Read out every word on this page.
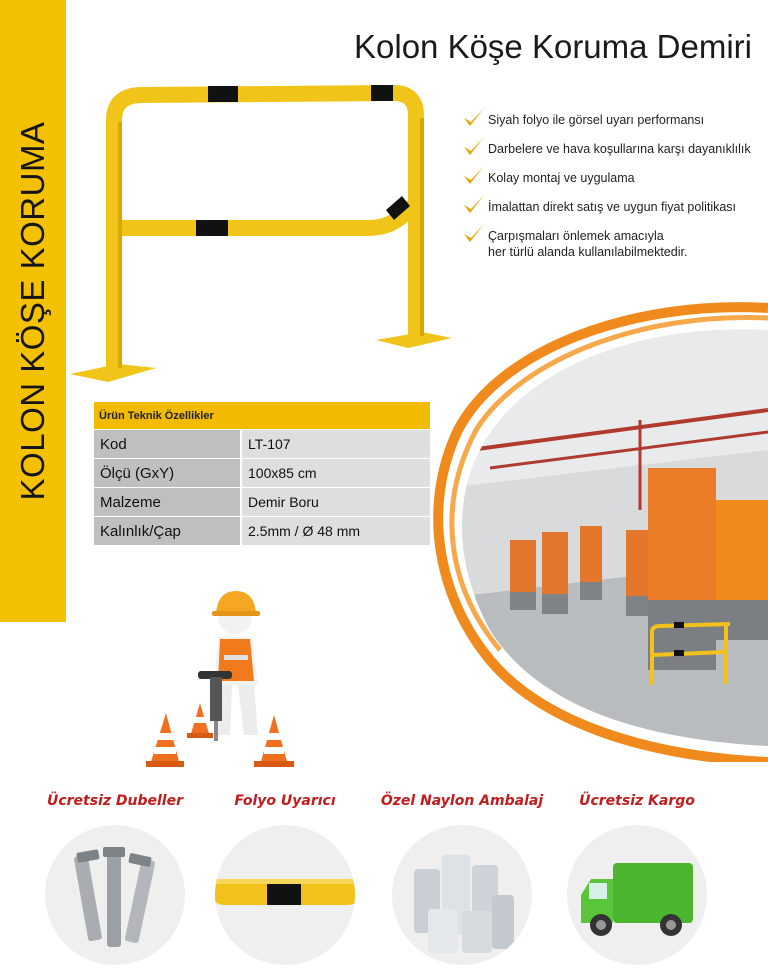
KOLON KÖŞE KORUMA
Kolon Köşe Koruma Demiri
Siyah folyo ile görsel uyarı performansı
Darbelere ve hava koşullarına karşı dayanıklılık
Kolay montaj ve uygulama
İmalattan direkt satış ve uygun fiyat politikası
Çarpışmaları önlemek amacıyla
her türlü alanda kullanılabilmektedir.
Ürün Teknik Özellikler
Kod	LT-107
Ölçü (GxY)	100x85 cm
Malzeme	Demir Boru
Kalınlık/Çap	2.5mm / Ø 48 mm
Ücretsiz Dubeller	Folyo Uyarıcı	Özel Naylon Ambalaj	Ücretsiz Kargo
